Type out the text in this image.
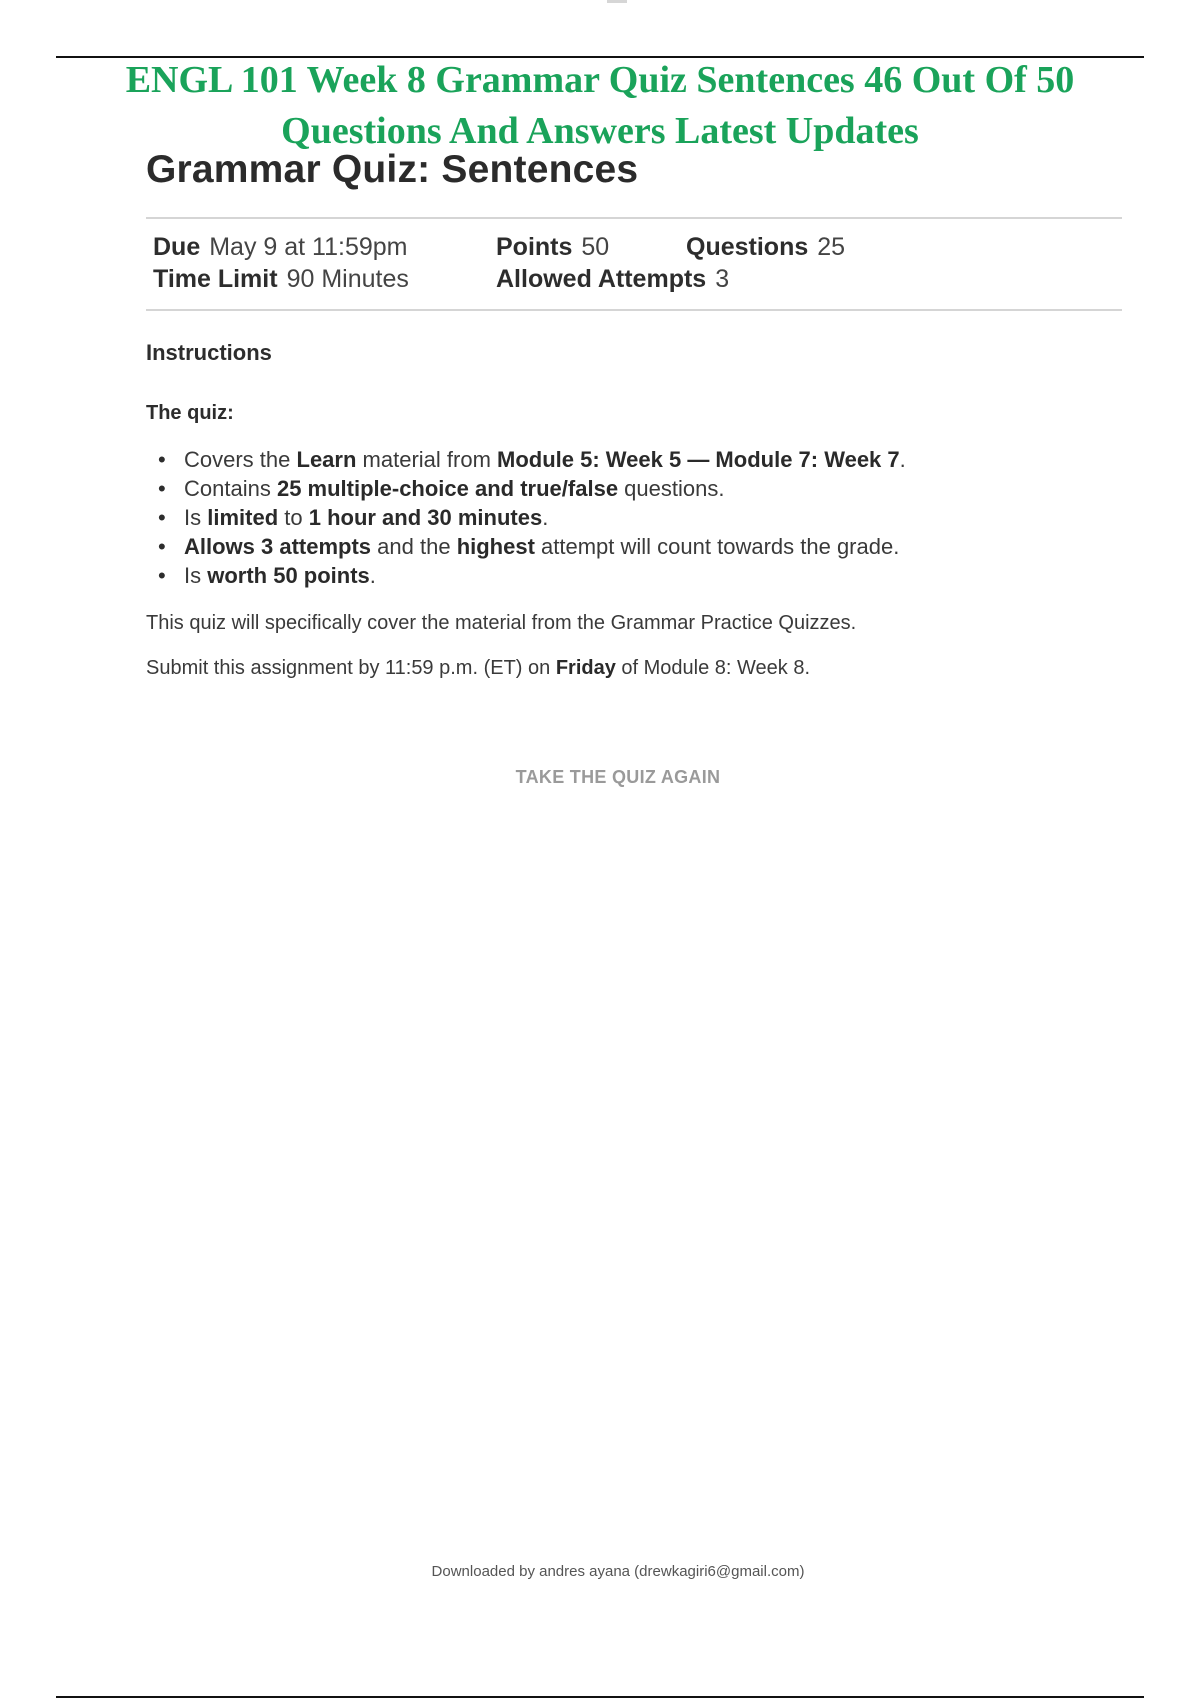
ENGL 101 Week 8 Grammar Quiz Sentences 46 Out Of 50 Questions And Answers Latest Updates
Grammar Quiz: Sentences
Due May 9 at 11:59pm	Points 50	Questions 25
Time Limit 90 Minutes	Allowed Attempts 3
Instructions
The quiz:
• Covers the Learn material from Module 5: Week 5 — Module 7: Week 7.
• Contains 25 multiple-choice and true/false questions.
• Is limited to 1 hour and 30 minutes.
• Allows 3 attempts and the highest attempt will count towards the grade.
• Is worth 50 points.
This quiz will specifically cover the material from the Grammar Practice Quizzes.
Submit this assignment by 11:59 p.m. (ET) on Friday of Module 8: Week 8.
TAKE THE QUIZ AGAIN
Downloaded by andres ayana (drewkagiri6@gmail.com)
